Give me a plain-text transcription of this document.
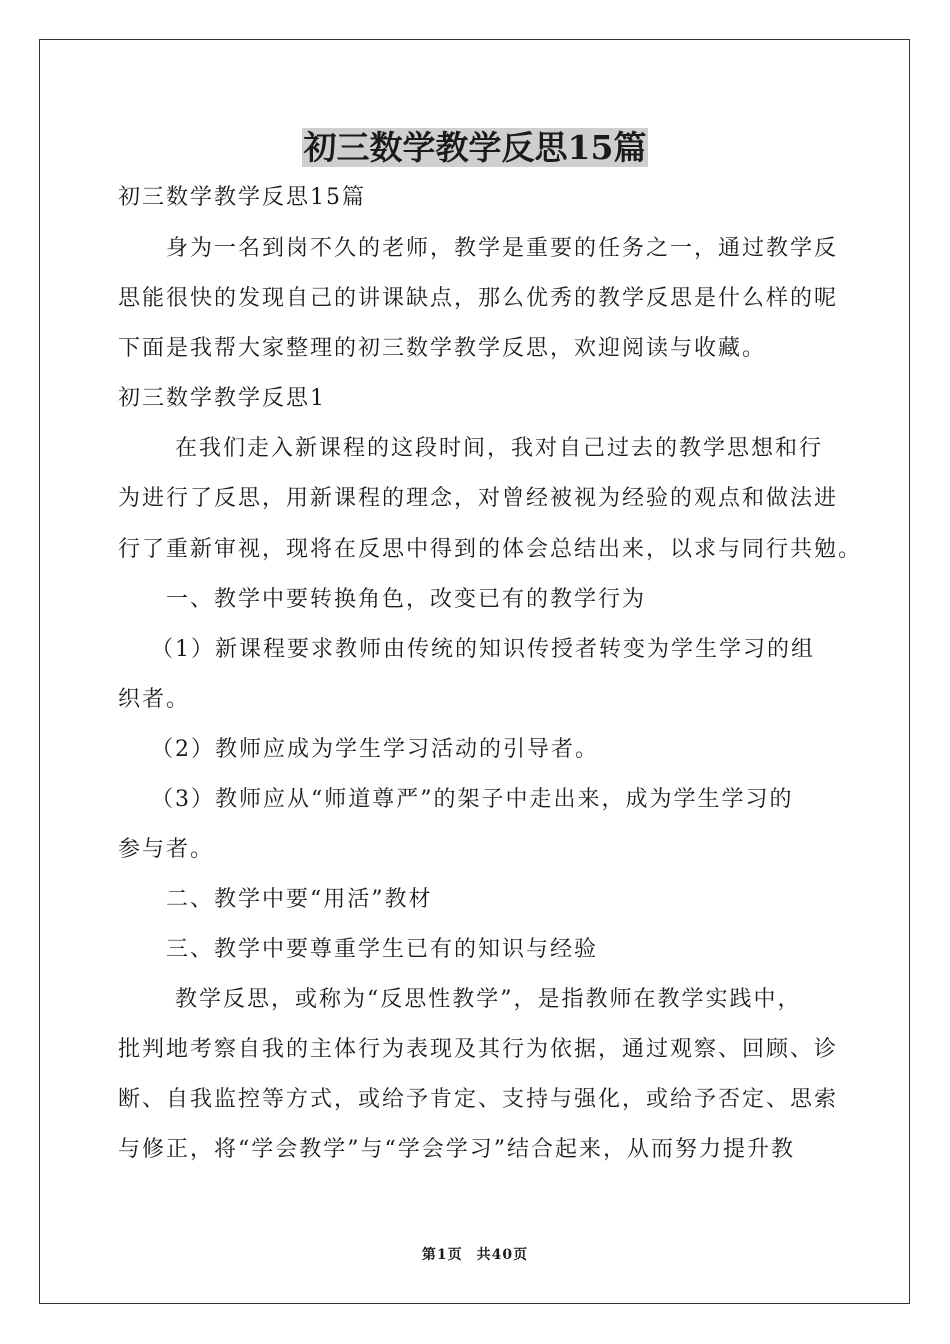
初三数学教学反思15篇
初三数学教学反思15篇
　　身为一名到岗不久的老师，教学是重要的任务之一，通过教学反
思能很快的发现自己的讲课缺点，那么优秀的教学反思是什么样的呢
下面是我帮大家整理的初三数学教学反思，欢迎阅读与收藏。
初三数学教学反思1
　　 在我们走入新课程的这段时间，我对自己过去的教学思想和行
为进行了反思，用新课程的理念，对曾经被视为经验的观点和做法进
行了重新审视，现将在反思中得到的体会总结出来，以求与同行共勉。
　　一、教学中要转换角色，改变已有的教学行为
　 （1）新课程要求教师由传统的知识传授者转变为学生学习的组
织者。
　 （2）教师应成为学生学习活动的引导者。
　 （3）教师应从“师道尊严”的架子中走出来，成为学生学习的
参与者。
　　二、教学中要“用活”教材
　　三、教学中要尊重学生已有的知识与经验
　　 教学反思，或称为“反思性教学”，是指教师在教学实践中，
批判地考察自我的主体行为表现及其行为依据，通过观察、回顾、诊
断、自我监控等方式，或给予肯定、支持与强化，或给予否定、思索
与修正，将“学会教学”与“学会学习”结合起来，从而努力提升教
第1页 共40页
